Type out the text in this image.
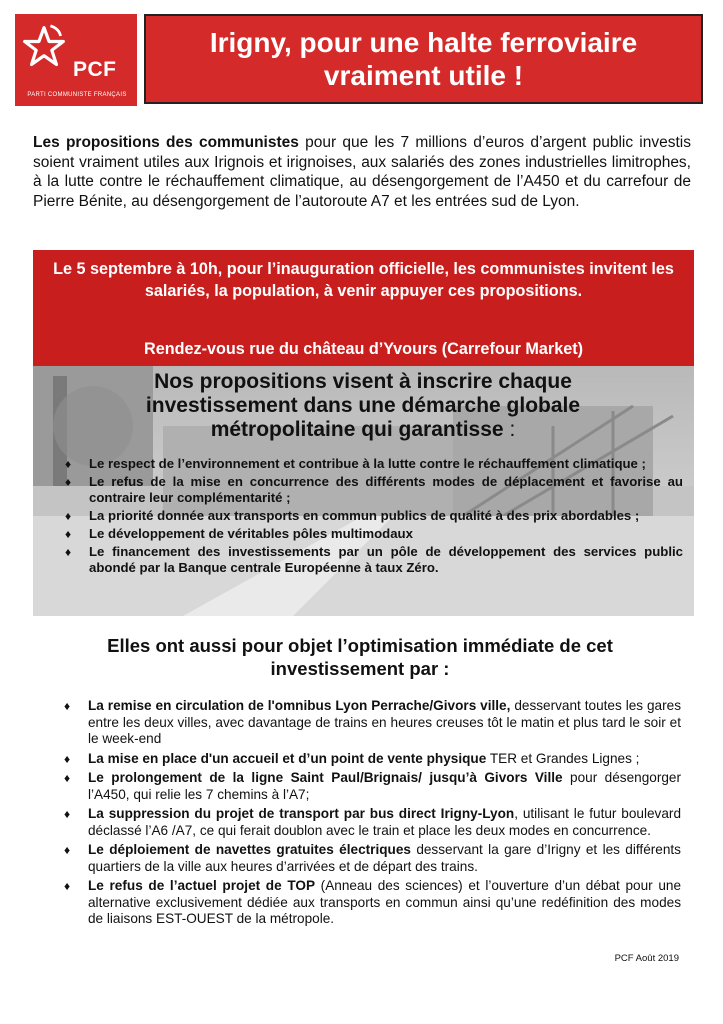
PCF
PARTI COMMUNISTE FRANÇAIS
Irigny, pour une halte ferroviaire
vraiment utile !
Les propositions des communistes pour que les 7 millions d’euros d’argent public investis soient vraiment utiles aux Irignois et irignoises, aux salariés des zones industrielles limitrophes, à la lutte contre le réchauffement climatique, au désengorgement de l’A450 et du carrefour de Pierre Bénite, au désengorgement de l’autoroute A7 et les entrées sud de Lyon.
Le 5 septembre à 10h, pour l’inauguration officielle, les communistes invitent les salariés, la population, à venir appuyer ces propositions.
Rendez-vous rue du château d’Yvours (Carrefour Market)
Nos propositions visent à inscrire chaque investissement dans une démarche globale métropolitaine qui garantisse :
♦ Le respect de l’environnement et contribue à la lutte contre le réchauffement climatique ;
♦ Le refus de la mise en concurrence des différents modes de déplacement et favorise au contraire leur complémentarité ;
♦ La priorité donnée aux transports en commun publics de qualité à des prix abordables ;
♦ Le développement de véritables pôles multimodaux
♦ Le financement des investissements par un pôle de développement des services public abondé par la Banque centrale Européenne à taux Zéro.
Elles ont aussi pour objet l’optimisation immédiate de cet investissement par :
♦ La remise en circulation de l'omnibus Lyon Perrache/Givors ville, desservant toutes les gares entre les deux villes, avec davantage de trains en heures creuses tôt le matin et plus tard le soir et le week-end
♦ La mise en place d'un accueil et d’un point de vente physique TER et Grandes Lignes ;
♦ Le prolongement de la ligne Saint Paul/Brignais/ jusqu’à Givors Ville pour désengorger l’A450, qui relie les 7 chemins à l’A7;
♦ La suppression du projet de transport par bus direct Irigny-Lyon, utilisant le futur boulevard déclassé l’A6 /A7, ce qui ferait doublon avec le train et place les deux modes en concurrence.
♦ Le déploiement de navettes gratuites électriques desservant la gare d’Irigny et les différents quartiers de la ville aux heures d’arrivées et de départ des trains.
♦ Le refus de l’actuel projet de TOP (Anneau des sciences) et l’ouverture d’un débat pour une alternative exclusivement dédiée aux transports en commun ainsi qu’une redéfinition des modes de liaisons EST-OUEST de la métropole.
PCF Août 2019
